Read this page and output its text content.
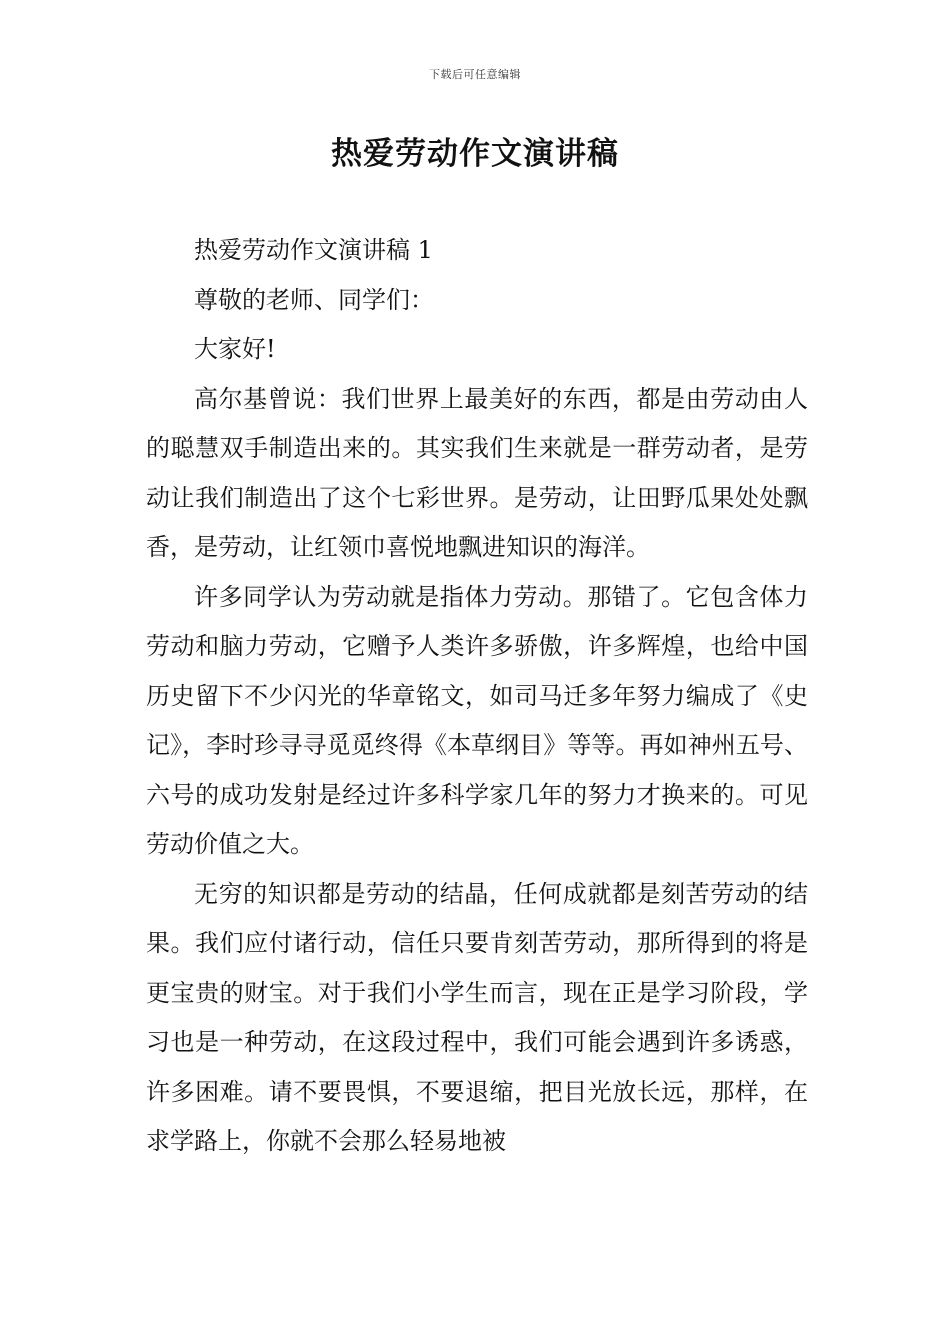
下载后可任意编辑
热爱劳动作文演讲稿

热爱劳动作文演讲稿 1

尊敬的老师、同学们：

大家好!

高尔基曾说：我们世界上最美好的东西，都是由劳动由人的聪慧双手制造出来的。其实我们生来就是一群劳动者，是劳动让我们制造出了这个七彩世界。是劳动，让田野瓜果处处飘香，是劳动，让红领巾喜悦地飘进知识的海洋。

许多同学认为劳动就是指体力劳动。那错了。它包含体力劳动和脑力劳动，它赠予人类许多骄傲，许多辉煌，也给中国历史留下不少闪光的华章铭文，如司马迁多年努力编成了《史记》，李时珍寻寻觅觅终得《本草纲目》等等。再如神州五号、六号的成功发射是经过许多科学家几年的努力才换来的。可见劳动价值之大。

无穷的知识都是劳动的结晶，任何成就都是刻苦劳动的结果。我们应付诸行动，信任只要肯刻苦劳动，那所得到的将是更宝贵的财宝。对于我们小学生而言，现在正是学习阶段，学习也是一种劳动，在这段过程中，我们可能会遇到许多诱惑，许多困难。请不要畏惧，不要退缩，把目光放长远，那样，在求学路上，你就不会那么轻易地被
